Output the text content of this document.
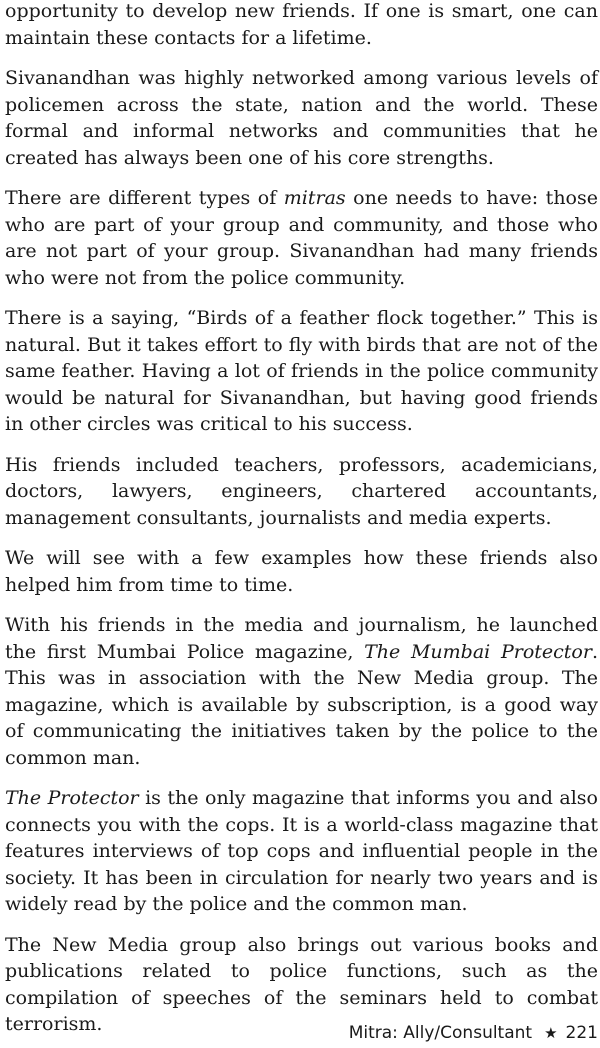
opportunity to develop new friends. If one is smart, one can maintain these contacts for a lifetime.

Sivanandhan was highly networked among various levels of policemen across the state, nation and the world. These formal and informal networks and communities that he created has always been one of his core strengths.

There are different types of mitras one needs to have: those who are part of your group and community, and those who are not part of your group. Sivanandhan had many friends who were not from the police community.

There is a saying, “Birds of a feather flock together.” This is natural. But it takes effort to fly with birds that are not of the same feather. Having a lot of friends in the police community would be natural for Sivanandhan, but having good friends in other circles was critical to his success.

His friends included teachers, professors, academicians, doctors, lawyers, engineers, chartered accountants, management consultants, journalists and media experts.

We will see with a few examples how these friends also helped him from time to time.

With his friends in the media and journalism, he launched the first Mumbai Police magazine, The Mumbai Protector. This was in association with the New Media group. The magazine, which is available by subscription, is a good way of communicating the initiatives taken by the police to the common man.

The Protector is the only magazine that informs you and also connects you with the cops. It is a world-class magazine that features interviews of top cops and influential people in the society. It has been in circulation for nearly two years and is widely read by the police and the common man.

The New Media group also brings out various books and publications related to police functions, such as the compilation of speeches of the seminars held to combat terrorism.	Mitra: Ally/Consultant ★ 221
